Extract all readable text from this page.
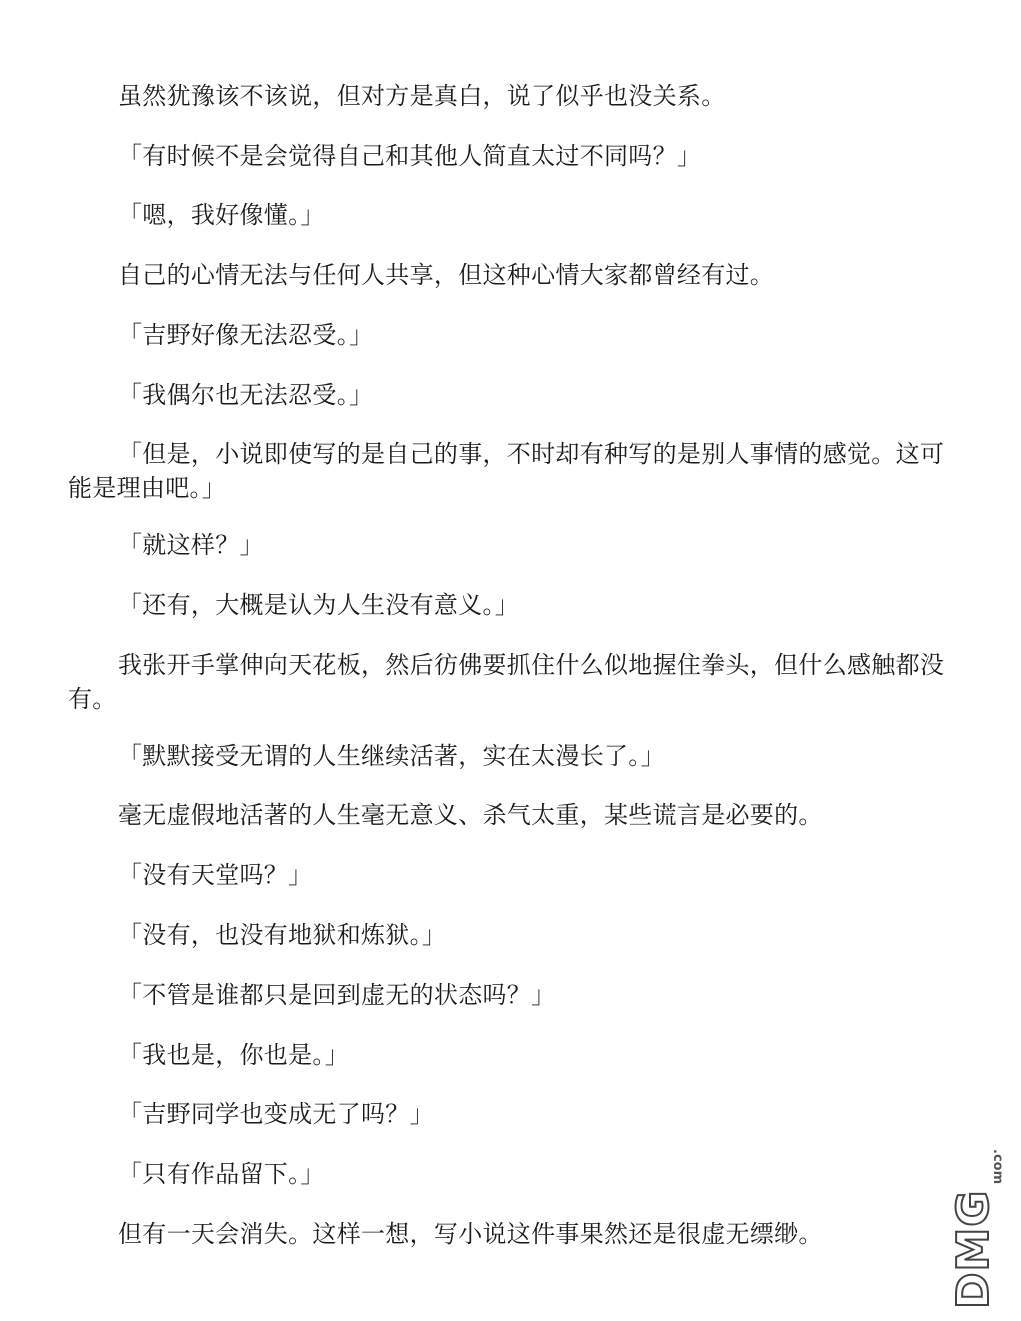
虽然犹豫该不该说，但对方是真白，说了似乎也没关系。

「有时候不是会觉得自己和其他人简直太过不同吗？」

「嗯，我好像懂。」

自己的心情无法与任何人共享，但这种心情大家都曾经有过。

「吉野好像无法忍受。」

「我偶尔也无法忍受。」

「但是，小说即使写的是自己的事，不时却有种写的是别人事情的感觉。这可能是理由吧。」

「就这样？」

「还有，大概是认为人生没有意义。」

我张开手掌伸向天花板，然后彷佛要抓住什么似地握住拳头，但什么感触都没有。

「默默接受无谓的人生继续活著，实在太漫长了。」

毫无虚假地活著的人生毫无意义、杀气太重，某些谎言是必要的。

「没有天堂吗？」

「没有，也没有地狱和炼狱。」

「不管是谁都只是回到虚无的状态吗？」

「我也是，你也是。」

「吉野同学也变成无了吗？」

「只有作品留下。」

但有一天会消失。这样一想，写小说这件事果然还是很虚无缥缈。

.com
DMG
